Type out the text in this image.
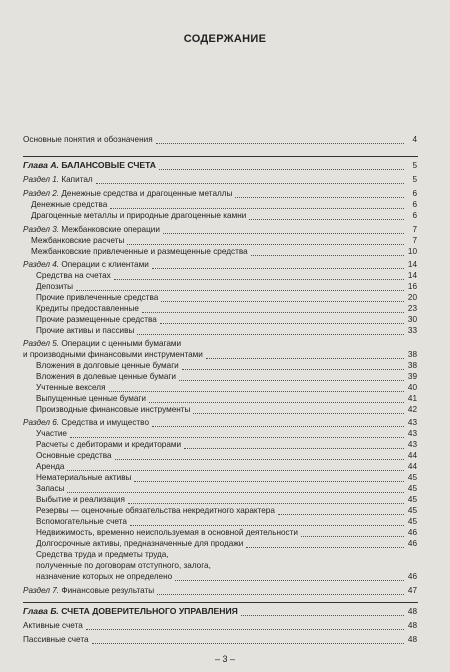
СОДЕРЖАНИЕ
Основные понятия и обозначения	4
Глава А. БАЛАНСОВЫЕ СЧЕТА	5
Раздел 1. Капитал	5
Раздел 2. Денежные средства и драгоценные металлы	6
Денежные средства	6
Драгоценные металлы и природные драгоценные камни	6
Раздел 3. Межбанковские операции	7
Межбанковские расчеты	7
Межбанковские привлеченные и размещенные средства	10
Раздел 4. Операции с клиентами	14
Средства на счетах	14
Депозиты	16
Прочие привлеченные средства	20
Кредиты предоставленные	23
Прочие размещенные средства	30
Прочие активы и пассивы	33
Раздел 5. Операции с ценными бумагами
и производными финансовыми инструментами	38
Вложения в долговые ценные бумаги	38
Вложения в долевые ценные бумаги	39
Учтенные векселя	40
Выпущенные ценные бумаги	41
Производные финансовые инструменты	42
Раздел 6. Средства и имущество	43
Участие	43
Расчеты с дебиторами и кредиторами	43
Основные средства	44
Аренда	44
Нематериальные активы	45
Запасы	45
Выбытие и реализация	45
Резервы — оценочные обязательства некредитного характера	45
Вспомогательные счета	45
Недвижимость, временно неиспользуемая в основной деятельности	46
Долгосрочные активы, предназначенные для продажи	46
Средства труда и предметы труда,
полученные по договорам отступного, залога,
назначение которых не определено	46
Раздел 7. Финансовые результаты	47
Глава Б. СЧЕТА ДОВЕРИТЕЛЬНОГО УПРАВЛЕНИЯ	48
Активные счета	48
Пассивные счета	48
– 3 –
